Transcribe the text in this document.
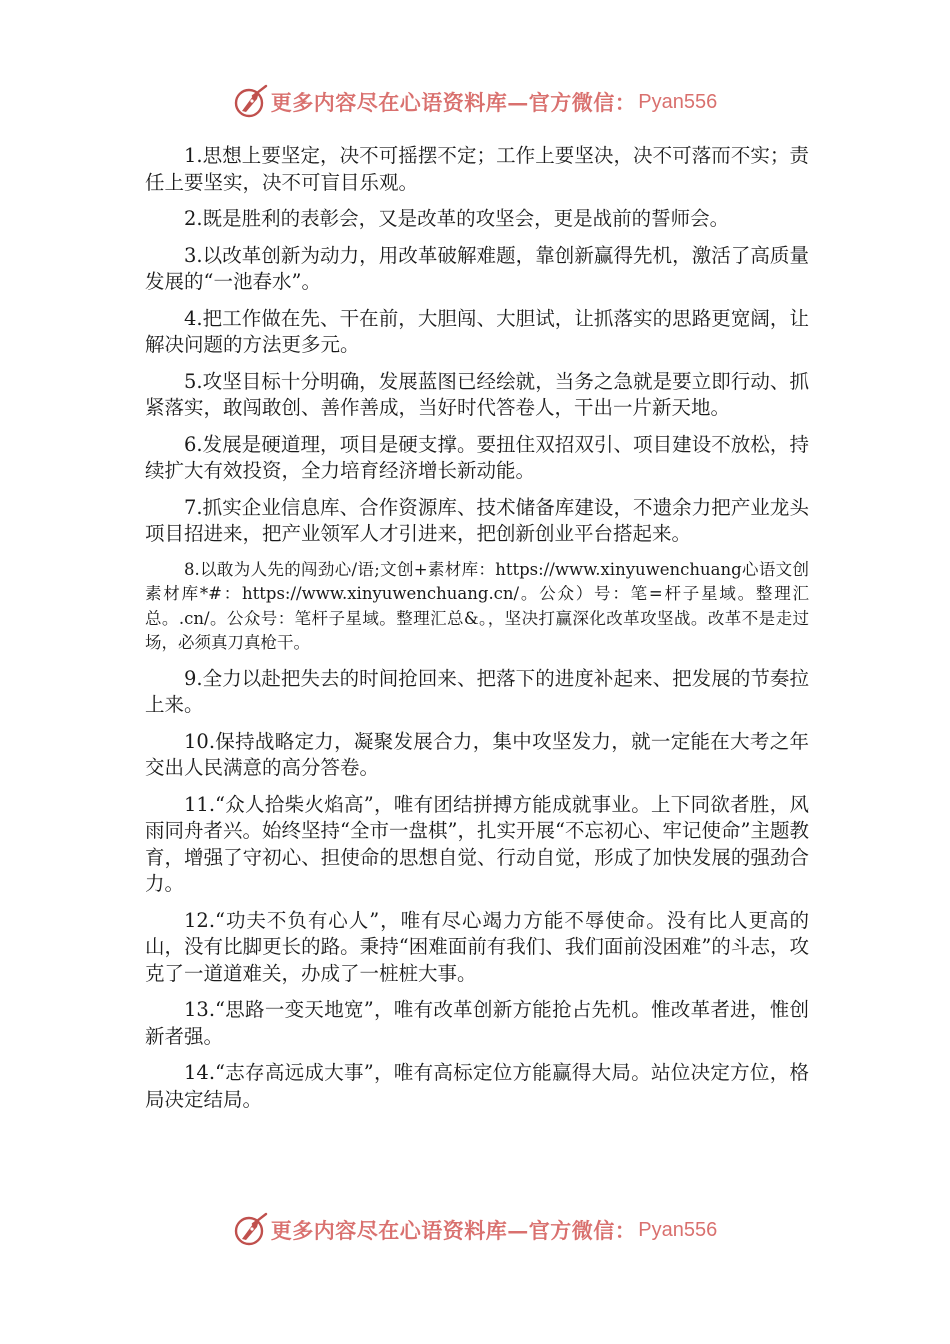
更多内容尽在心语资料库—官方微信： Pyan556

1.思想上要坚定，决不可摇摆不定；工作上要坚决，决不可落而不实；责任上要坚实，决不可盲目乐观。

2.既是胜利的表彰会，又是改革的攻坚会，更是战前的誓师会。

3.以改革创新为动力，用改革破解难题，靠创新赢得先机，激活了高质量发展的“一池春水”。

4.把工作做在先、干在前，大胆闯、大胆试，让抓落实的思路更宽阔，让解决问题的方法更多元。

5.攻坚目标十分明确，发展蓝图已经绘就，当务之急就是要立即行动、抓紧落实，敢闯敢创、善作善成，当好时代答卷人，干出一片新天地。

6.发展是硬道理，项目是硬支撑。要扭住双招双引、项目建设不放松，持续扩大有效投资，全力培育经济增长新动能。

7.抓实企业信息库、合作资源库、技术储备库建设，不遗余力把产业龙头项目招进来，把产业领军人才引进来，把创新创业平台搭起来。

8.以敢为人先的闯劲心/语;文创+素材库：https://www.xinyuwenchuang心语文创素材库*#：https://www.xinyuwenchuang.cn/。公众）号：笔=杆子星域。整理汇总。.cn/。公众号：笔杆子星域。整理汇总&。，坚决打赢深化改革攻坚战。改革不是走过场，必须真刀真枪干。

9.全力以赴把失去的时间抢回来、把落下的进度补起来、把发展的节奏拉上来。

10.保持战略定力，凝聚发展合力，集中攻坚发力，就一定能在大考之年交出人民满意的高分答卷。

11.“众人拾柴火焰高”，唯有团结拼搏方能成就事业。上下同欲者胜，风雨同舟者兴。始终坚持“全市一盘棋”，扎实开展“不忘初心、牢记使命”主题教育，增强了守初心、担使命的思想自觉、行动自觉，形成了加快发展的强劲合力。

12.“功夫不负有心人”，唯有尽心竭力方能不辱使命。没有比人更高的山，没有比脚更长的路。秉持“困难面前有我们、我们面前没困难”的斗志，攻克了一道道难关，办成了一桩桩大事。

13.“思路一变天地宽”，唯有改革创新方能抢占先机。惟改革者进，惟创新者强。

14.“志存高远成大事”，唯有高标定位方能赢得大局。站位决定方位，格局决定结局。

更多内容尽在心语资料库—官方微信： Pyan556
